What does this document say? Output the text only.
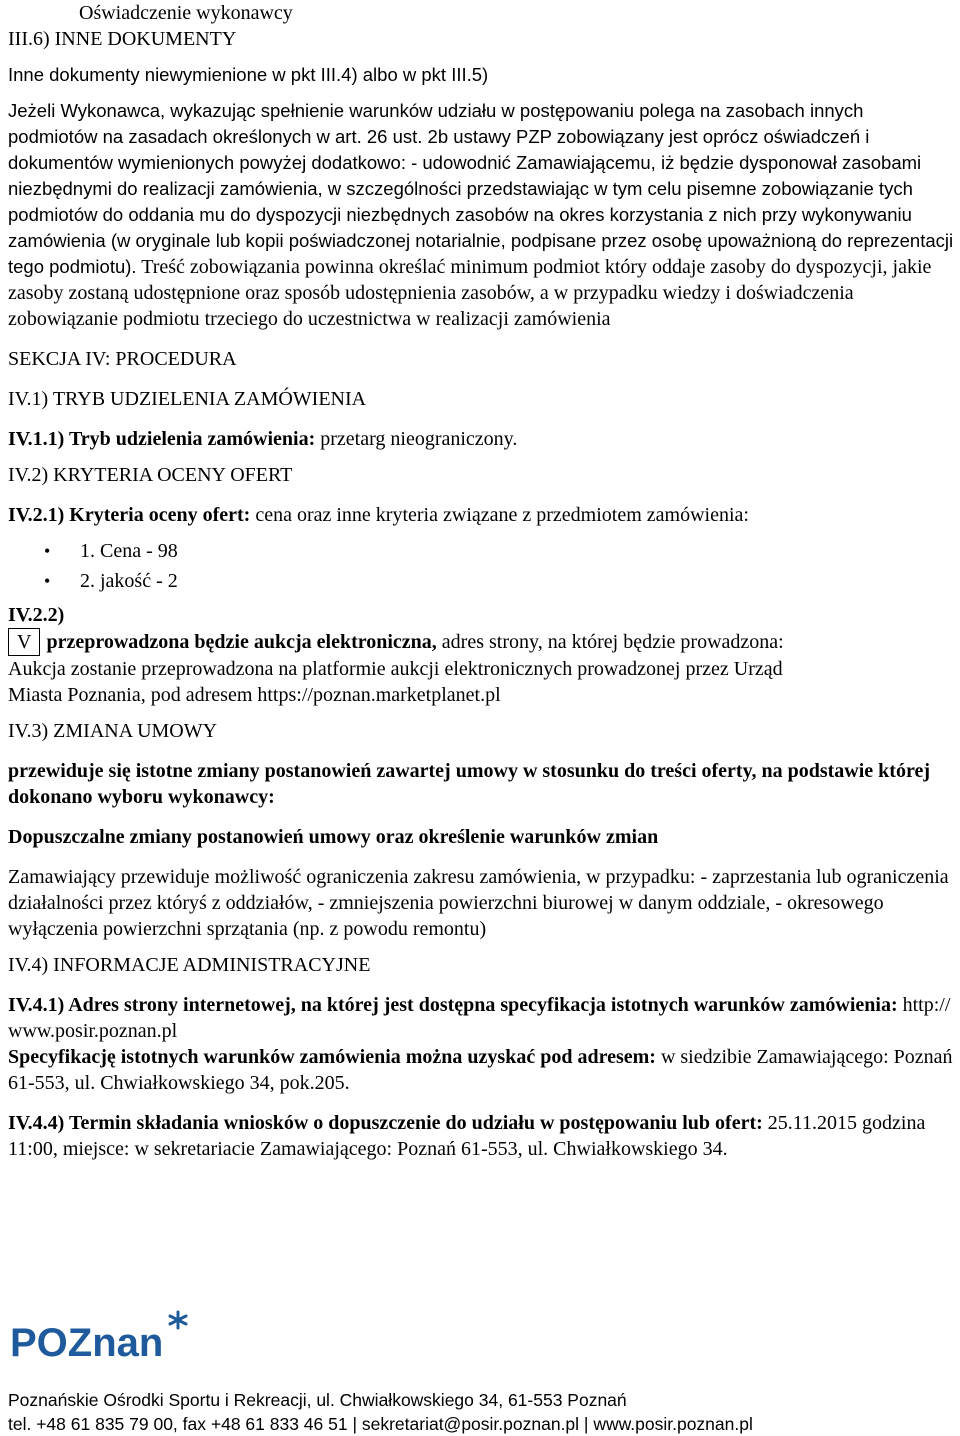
Oświadczenie wykonawcy
III.6) INNE DOKUMENTY
Inne dokumenty niewymienione w pkt III.4) albo w pkt III.5)

Jeżeli Wykonawca, wykazując spełnienie warunków udziału w postępowaniu polega na zasobach innych podmiotów na zasadach określonych w art. 26 ust. 2b ustawy PZP zobowiązany jest oprócz oświadczeń i dokumentów wymienionych powyżej dodatkowo: - udowodnić Zamawiającemu, iż będzie dysponował zasobami niezbędnymi do realizacji zamówienia, w szczególności przedstawiając w tym celu pisemne zobowiązanie tych podmiotów do oddania mu do dyspozycji niezbędnych zasobów na okres korzystania z nich przy wykonywaniu zamówienia (w oryginale lub kopii poświadczonej notarialnie, podpisane przez osobę upoważnioną do reprezentacji tego podmiotu). Treść zobowiązania powinna określać minimum podmiot który oddaje zasoby do dyspozycji, jakie zasoby zostaną udostępnione oraz sposób udostępnienia zasobów, a w przypadku wiedzy i doświadczenia zobowiązanie podmiotu trzeciego do uczestnictwa w realizacji zamówienia

SEKCJA IV: PROCEDURA
IV.1) TRYB UDZIELENIA ZAMÓWIENIA
IV.1.1) Tryb udzielenia zamówienia: przetarg nieograniczony.
IV.2) KRYTERIA OCENY OFERT
IV.2.1) Kryteria oceny ofert: cena oraz inne kryteria związane z przedmiotem zamówienia:
• 1. Cena - 98
• 2. jakość - 2
IV.2.2)
V przeprowadzona będzie aukcja elektroniczna, adres strony, na której będzie prowadzona:
Aukcja zostanie przeprowadzona na platformie aukcji elektronicznych prowadzonej przez Urząd
Miasta Poznania, pod adresem https://poznan.marketplanet.pl
IV.3) ZMIANA UMOWY

przewiduje się istotne zmiany postanowień zawartej umowy w stosunku do treści oferty, na podstawie której dokonano wyboru wykonawcy:

Dopuszczalne zmiany postanowień umowy oraz określenie warunków zmian

Zamawiający przewiduje możliwość ograniczenia zakresu zamówienia, w przypadku: - zaprzestania lub ograniczenia działalności przez któryś z oddziałów, - zmniejszenia powierzchni biurowej w danym oddziale, - okresowego wyłączenia powierzchni sprzątania (np. z powodu remontu)

IV.4) INFORMACJE ADMINISTRACYJNE

IV.4.1) Adres strony internetowej, na której jest dostępna specyfikacja istotnych warunków zamówienia: http:// www.posir.poznan.pl

Specyfikację istotnych warunków zamówienia można uzyskać pod adresem: w siedzibie Zamawiającego: Poznań 61-553, ul. Chwiałkowskiego 34, pok.205.

IV.4.4) Termin składania wniosków o dopuszczenie do udziału w postępowaniu lub ofert: 25.11.2015 godzina 11:00, miejsce: w sekretariacie Zamawiającego: Poznań 61-553, ul. Chwiałkowskiego 34.

POZnan
Poznańskie Ośrodki Sportu i Rekreacji, ul. Chwiałkowskiego 34, 61-553 Poznań
tel. +48 61 835 79 00, fax +48 61 833 46 51 | sekretariat@posir.poznan.pl | www.posir.poznan.pl
